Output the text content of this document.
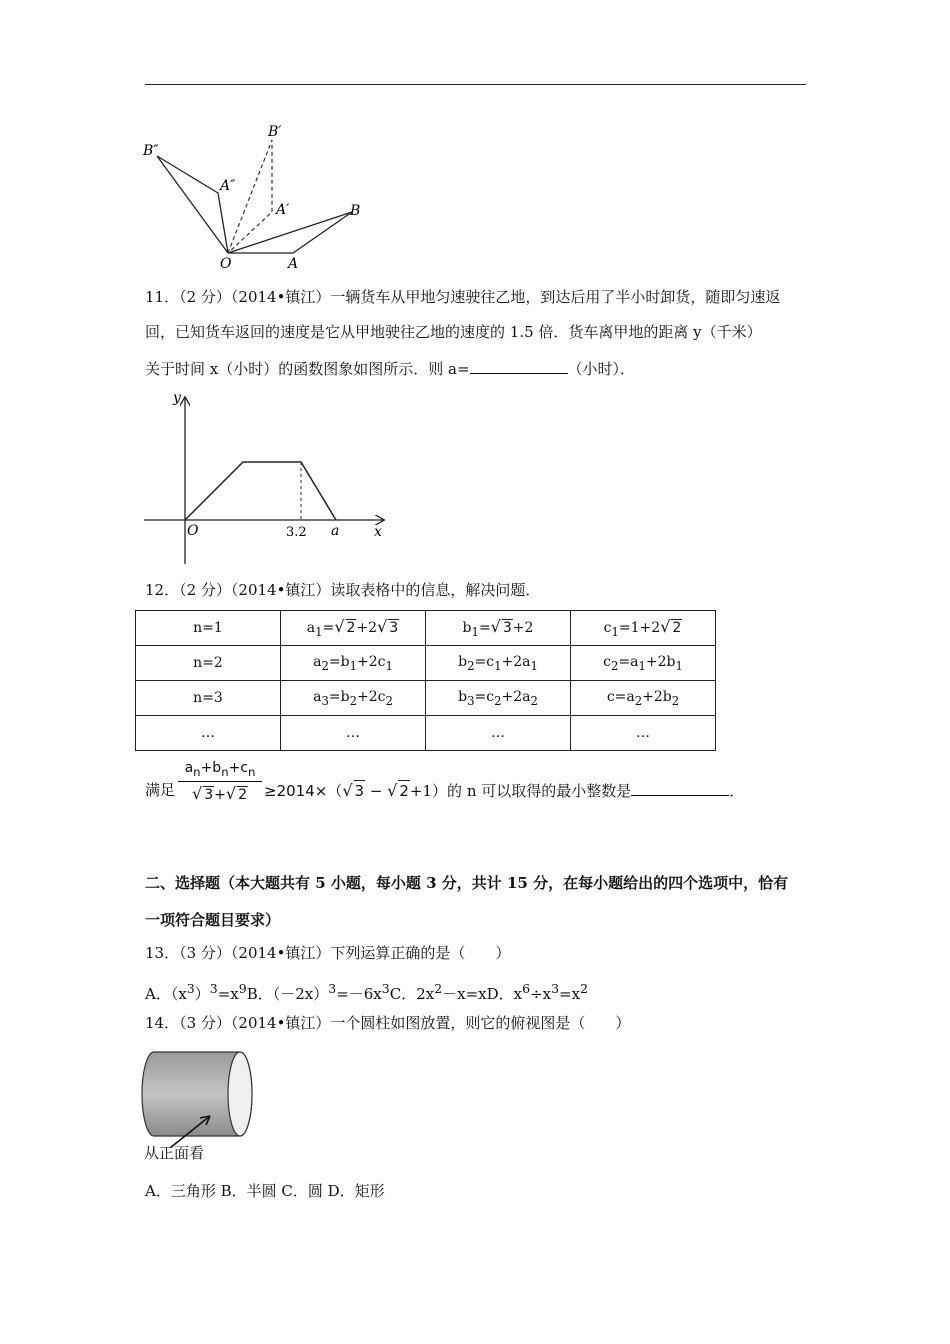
B″
A″
B′
A′	B
O	A
11．（2 分）（2014•镇江）一辆货车从甲地匀速驶往乙地，到达后用了半小时卸货，随即匀速返
回，已知货车返回的速度是它从甲地驶往乙地的速度的 1.5 倍．货车离甲地的距离 y（千米）
关于时间 x（小时）的函数图象如图所示．则 a=	（小时）．
y
x
O	3.2 a
12．（2 分）（2014•镇江）读取表格中的信息，解决问题．
n=1	$a_1=√$ 2+2√ 3	$b_1=√$ 3+2	$c_1=1+2√$ 2
n=2	$a_2=b_1+2c_1$	$b_2=c_1+2a_1$	$c_2=a_1+2b_1$
n=3	$a_3=b_2+2c_2$	$b_3=c_2+2a_2$	$c=a_2+2b_2$
…	…	…	…
满足 $\frac{a_n+b_n+c_n}{√ 3+√ 2} \ge 2014\times(√$ 3 − √ 2+1）的 n 可以取得的最小整数是	．
二、选择题（本大题共有 5 小题，每小题 3 分，共计 15 分，在每小题给出的四个选项中，恰有
一项符合题目要求）
13．（3 分）（2014•镇江）下列运算正确的是（　　）
A．$(x^3)^3=x^9B$．$(-2x)^3=-6x^3C$．$2x^2-x=xD$．$x^6\div x^3=x^2$
14．（3 分）（2014•镇江）一个圆柱如图放置，则它的俯视图是（　　）
从正面看
A．三角形 B．半圆 C．圆 D．矩形
